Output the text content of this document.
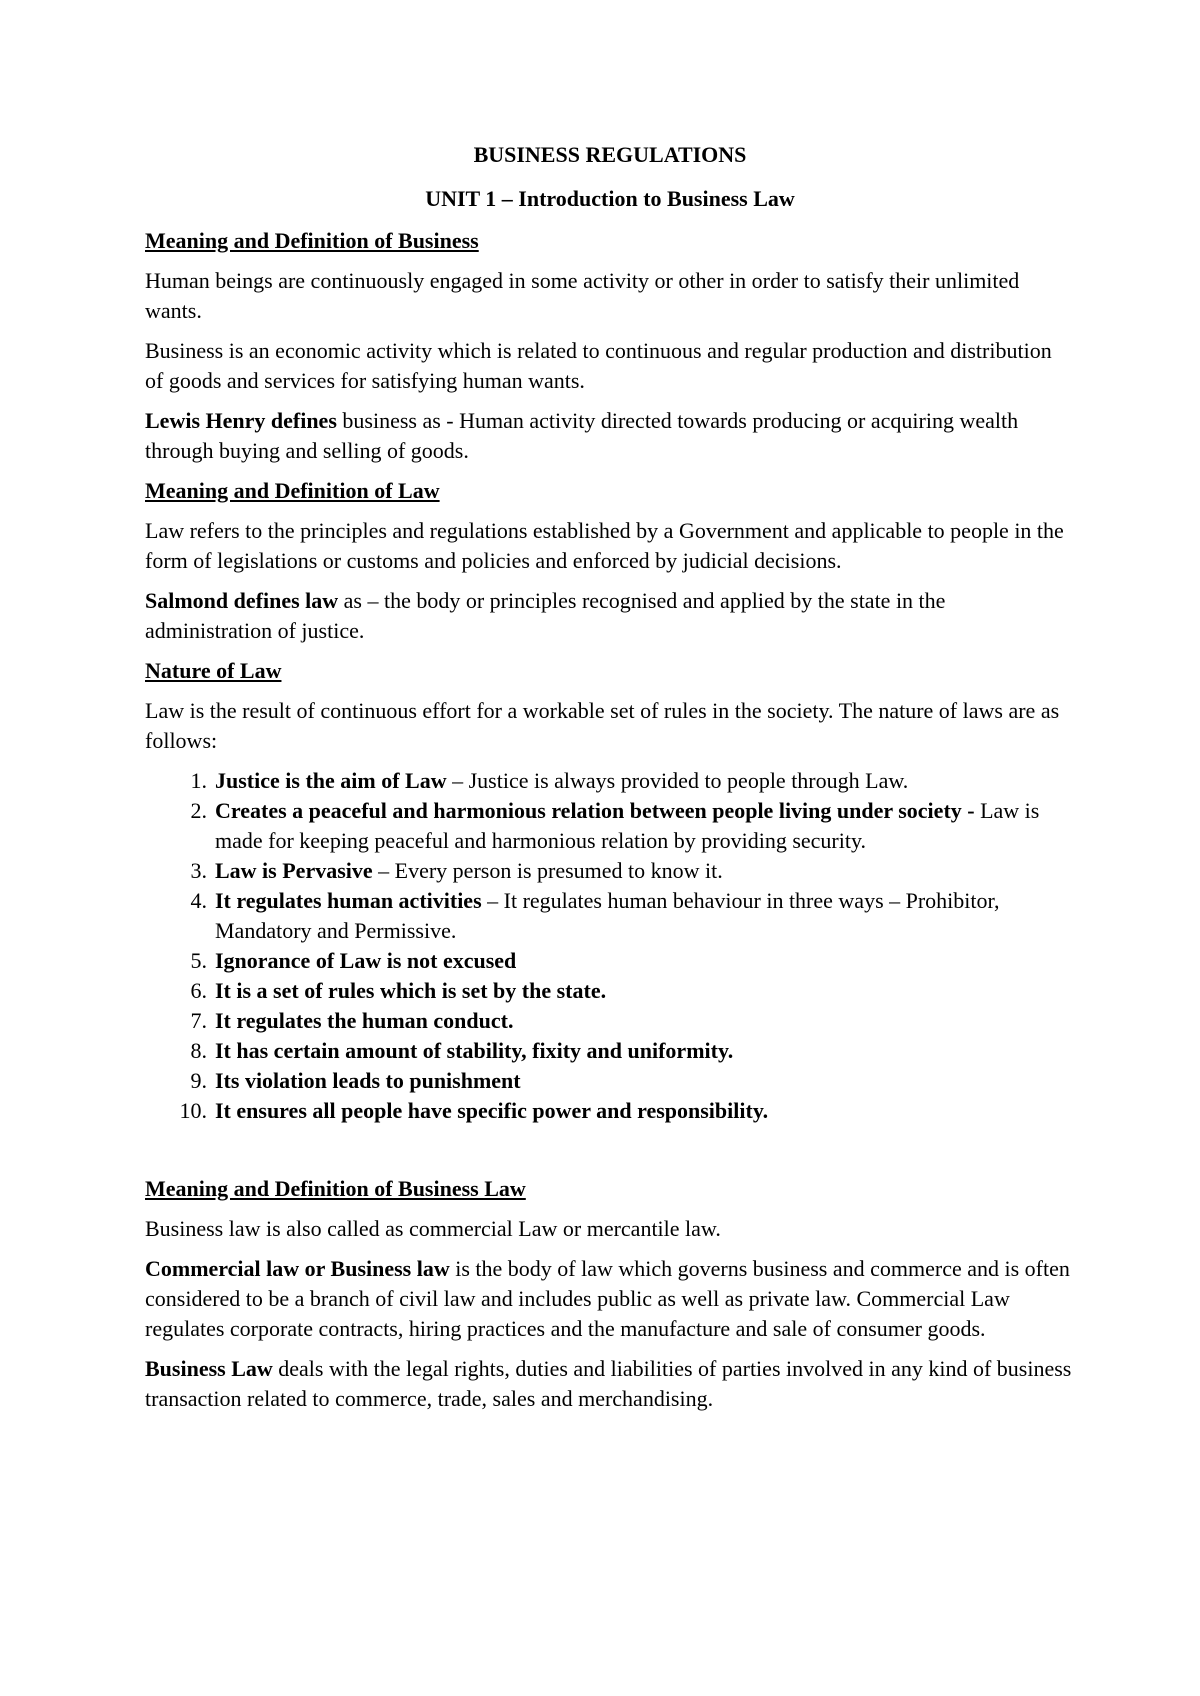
BUSINESS REGULATIONS
UNIT 1 – Introduction to Business Law
Meaning and Definition of Business

Human beings are continuously engaged in some activity or other in order to satisfy their unlimited wants.

Business is an economic activity which is related to continuous and regular production and distribution of goods and services for satisfying human wants.

Lewis Henry defines business as - Human activity directed towards producing or acquiring wealth through buying and selling of goods.

Meaning and Definition of Law

Law refers to the principles and regulations established by a Government and applicable to people in the form of legislations or customs and policies and enforced by judicial decisions.

Salmond defines law as – the body or principles recognised and applied by the state in the administration of justice.

Nature of Law

Law is the result of continuous effort for a workable set of rules in the society. The nature of laws are as follows:

1. Justice is the aim of Law – Justice is always provided to people through Law.
2. Creates a peaceful and harmonious relation between people living under society - Law is made for keeping peaceful and harmonious relation by providing security.
3. Law is Pervasive – Every person is presumed to know it.
4. It regulates human activities – It regulates human behaviour in three ways – Prohibitor, Mandatory and Permissive.
5. Ignorance of Law is not excused
6. It is a set of rules which is set by the state.
7. It regulates the human conduct.
8. It has certain amount of stability, fixity and uniformity.
9. Its violation leads to punishment
10. It ensures all people have specific power and responsibility.
Meaning and Definition of Business Law

Business law is also called as commercial Law or mercantile law.

Commercial law or Business law is the body of law which governs business and commerce and is often considered to be a branch of civil law and includes public as well as private law. Commercial Law regulates corporate contracts, hiring practices and the manufacture and sale of consumer goods.

Business Law deals with the legal rights, duties and liabilities of parties involved in any kind of business transaction related to commerce, trade, sales and merchandising.
